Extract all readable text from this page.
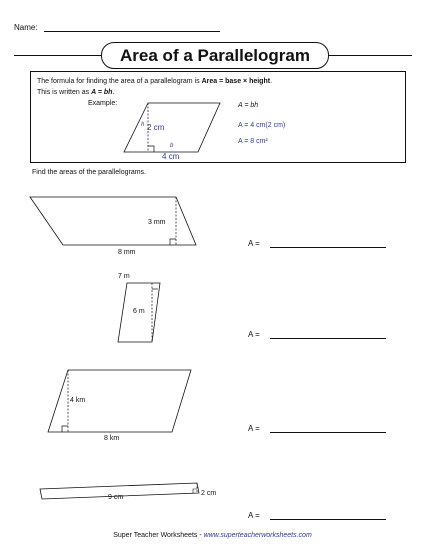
Name:
Area of a Parallelogram
The formula for finding the area of a parallelogram is Area = base × height.
This is written as A = bh.
Example:	A = bh
A = 4 cm(2 cm)
A = 8 cm²
h 2 cm
b
4 cm
Find the areas of the parallelograms.
3 mm
8 mm
A =
6 m
7 m
A =
4 km
8 km
A =
2 cm
9 cm
A =
Super Teacher Worksheets - www.superteacherworksheets.com
